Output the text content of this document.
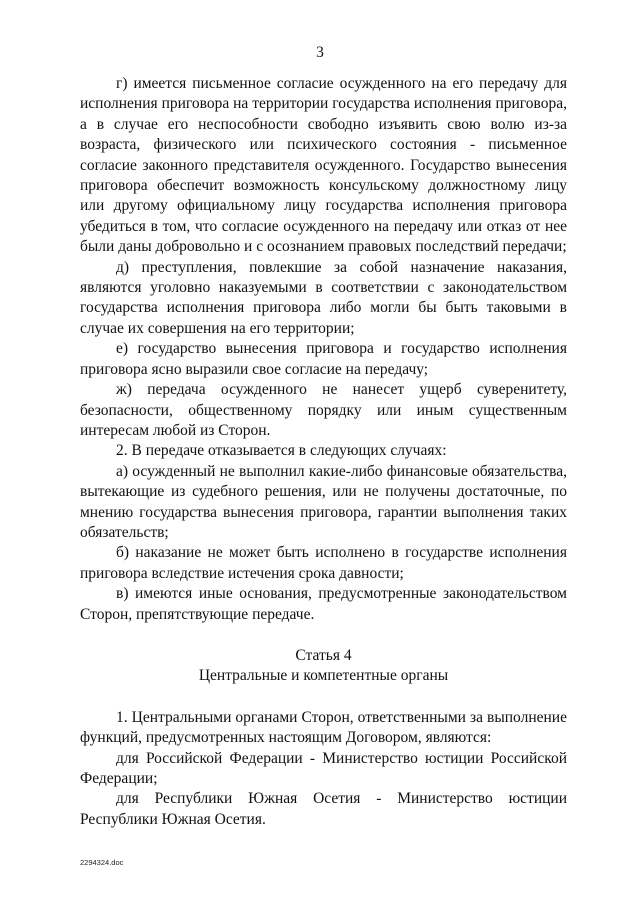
3

г) имеется письменное согласие осужденного на его передачу для исполнения приговора на территории государства исполнения приговора, а в случае его неспособности свободно изъявить свою волю из-за возраста, физического или психического состояния - письменное согласие законного представителя осужденного. Государство вынесения приговора обеспечит возможность консульскому должностному лицу или другому официальному лицу государства исполнения приговора убедиться в том, что согласие осужденного на передачу или отказ от нее были даны добровольно и с осознанием правовых последствий передачи;

д) преступления, повлекшие за собой назначение наказания, являются уголовно наказуемыми в соответствии с законодательством государства исполнения приговора либо могли бы быть таковыми в случае их совершения на его территории;

е) государство вынесения приговора и государство исполнения приговора ясно выразили свое согласие на передачу;

ж) передача осужденного не нанесет ущерб суверенитету, безопасности, общественному порядку или иным существенным интересам любой из Сторон.

2. В передаче отказывается в следующих случаях:

а) осужденный не выполнил какие-либо финансовые обязательства, вытекающие из судебного решения, или не получены достаточные, по мнению государства вынесения приговора, гарантии выполнения таких обязательств;

б) наказание не может быть исполнено в государстве исполнения приговора вследствие истечения срока давности;

в) имеются иные основания, предусмотренные законодательством Сторон, препятствующие передаче.

Статья 4

Центральные и компетентные органы

1. Центральными органами Сторон, ответственными за выполнение функций, предусмотренных настоящим Договором, являются:

для Российской Федерации - Министерство юстиции Российской Федерации;

для Республики Южная Осетия - Министерство юстиции Республики Южная Осетия.

2294324.doc
